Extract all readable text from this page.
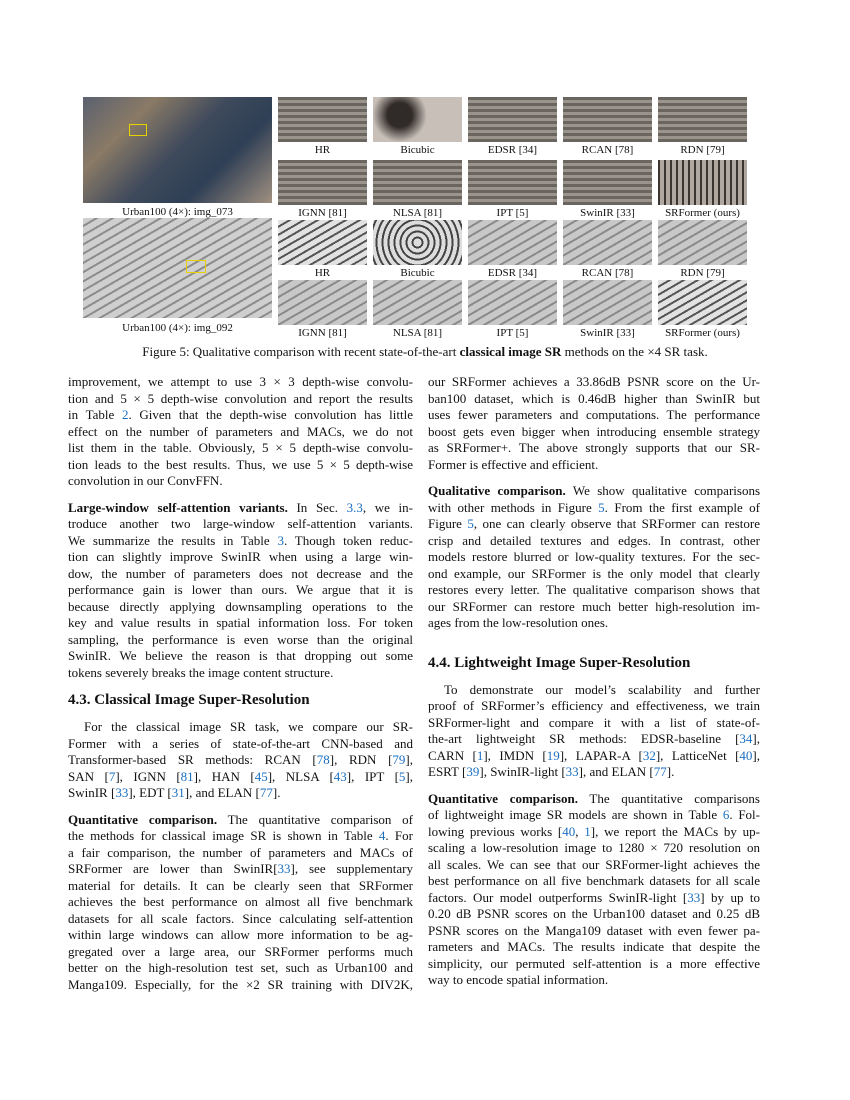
Urban100 (4×): img_073
Urban100 (4×): img_092
HR	Bicubic	EDSR [34]	RCAN [78]	RDN [79]
IGNN [81]	NLSA [81]	IPT [5]	SwinIR [33]	SRFormer (ours)
HR	Bicubic	EDSR [34]	RCAN [78]	RDN [79]
IGNN [81]	NLSA [81]	IPT [5]	SwinIR [33]	SRFormer (ours)
Figure 5: Qualitative comparison with recent state-of-the-art classical image SR methods on the ×4 SR task.
improvement, we attempt to use 3 × 3 depth-wise convolu-
tion and 5 × 5 depth-wise convolution and report the results
in Table 2. Given that the depth-wise convolution has little
effect on the number of parameters and MACs, we do not
list them in the table. Obviously, 5 × 5 depth-wise convolu-
tion leads to the best results. Thus, we use 5 × 5 depth-wise
convolution in our ConvFFN.
Large-window self-attention variants. In Sec. 3.3, we in-
troduce another two large-window self-attention variants.
We summarize the results in Table 3. Though token reduc-
tion can slightly improve SwinIR when using a large win-
dow, the number of parameters does not decrease and the
performance gain is lower than ours. We argue that it is
because directly applying downsampling operations to the
key and value results in spatial information loss. For token
sampling, the performance is even worse than the original
SwinIR. We believe the reason is that dropping out some
tokens severely breaks the image content structure.
4.3. Classical Image Super-Resolution
For the classical image SR task, we compare our SR-
Former with a series of state-of-the-art CNN-based and
Transformer-based SR methods: RCAN [78], RDN [79],
SAN [7], IGNN [81], HAN [45], NLSA [43], IPT [5],
SwinIR [33], EDT [31], and ELAN [77].
Quantitative comparison. The quantitative comparison of
the methods for classical image SR is shown in Table 4. For
a fair comparison, the number of parameters and MACs of
SRFormer are lower than SwinIR[33], see supplementary
material for details. It can be clearly seen that SRFormer
achieves the best performance on almost all five benchmark
datasets for all scale factors. Since calculating self-attention
within large windows can allow more information to be ag-
gregated over a large area, our SRFormer performs much
better on the high-resolution test set, such as Urban100 and
Manga109. Especially, for the ×2 SR training with DIV2K,
our SRFormer achieves a 33.86dB PSNR score on the Ur-
ban100 dataset, which is 0.46dB higher than SwinIR but
uses fewer parameters and computations. The performance
boost gets even bigger when introducing ensemble strategy
as SRFormer+. The above strongly supports that our SR-
Former is effective and efficient.
Qualitative comparison. We show qualitative comparisons
with other methods in Figure 5. From the first example of
Figure 5, one can clearly observe that SRFormer can restore
crisp and detailed textures and edges. In contrast, other
models restore blurred or low-quality textures. For the sec-
ond example, our SRFormer is the only model that clearly
restores every letter. The qualitative comparison shows that
our SRFormer can restore much better high-resolution im-
ages from the low-resolution ones.
4.4. Lightweight Image Super-Resolution
To demonstrate our model’s scalability and further
proof of SRFormer’s efficiency and effectiveness, we train
SRFormer-light and compare it with a list of state-of-
the-art lightweight SR methods: EDSR-baseline [34],
CARN [1], IMDN [19], LAPAR-A [32], LatticeNet [40],
ESRT [39], SwinIR-light [33], and ELAN [77].
Quantitative comparison. The quantitative comparisons
of lightweight image SR models are shown in Table 6. Fol-
lowing previous works [40, 1], we report the MACs by up-
scaling a low-resolution image to 1280 × 720 resolution on
all scales. We can see that our SRFormer-light achieves the
best performance on all five benchmark datasets for all scale
factors. Our model outperforms SwinIR-light [33] by up to
0.20 dB PSNR scores on the Urban100 dataset and 0.25 dB
PSNR scores on the Manga109 dataset with even fewer pa-
rameters and MACs. The results indicate that despite the
simplicity, our permuted self-attention is a more effective
way to encode spatial information.
